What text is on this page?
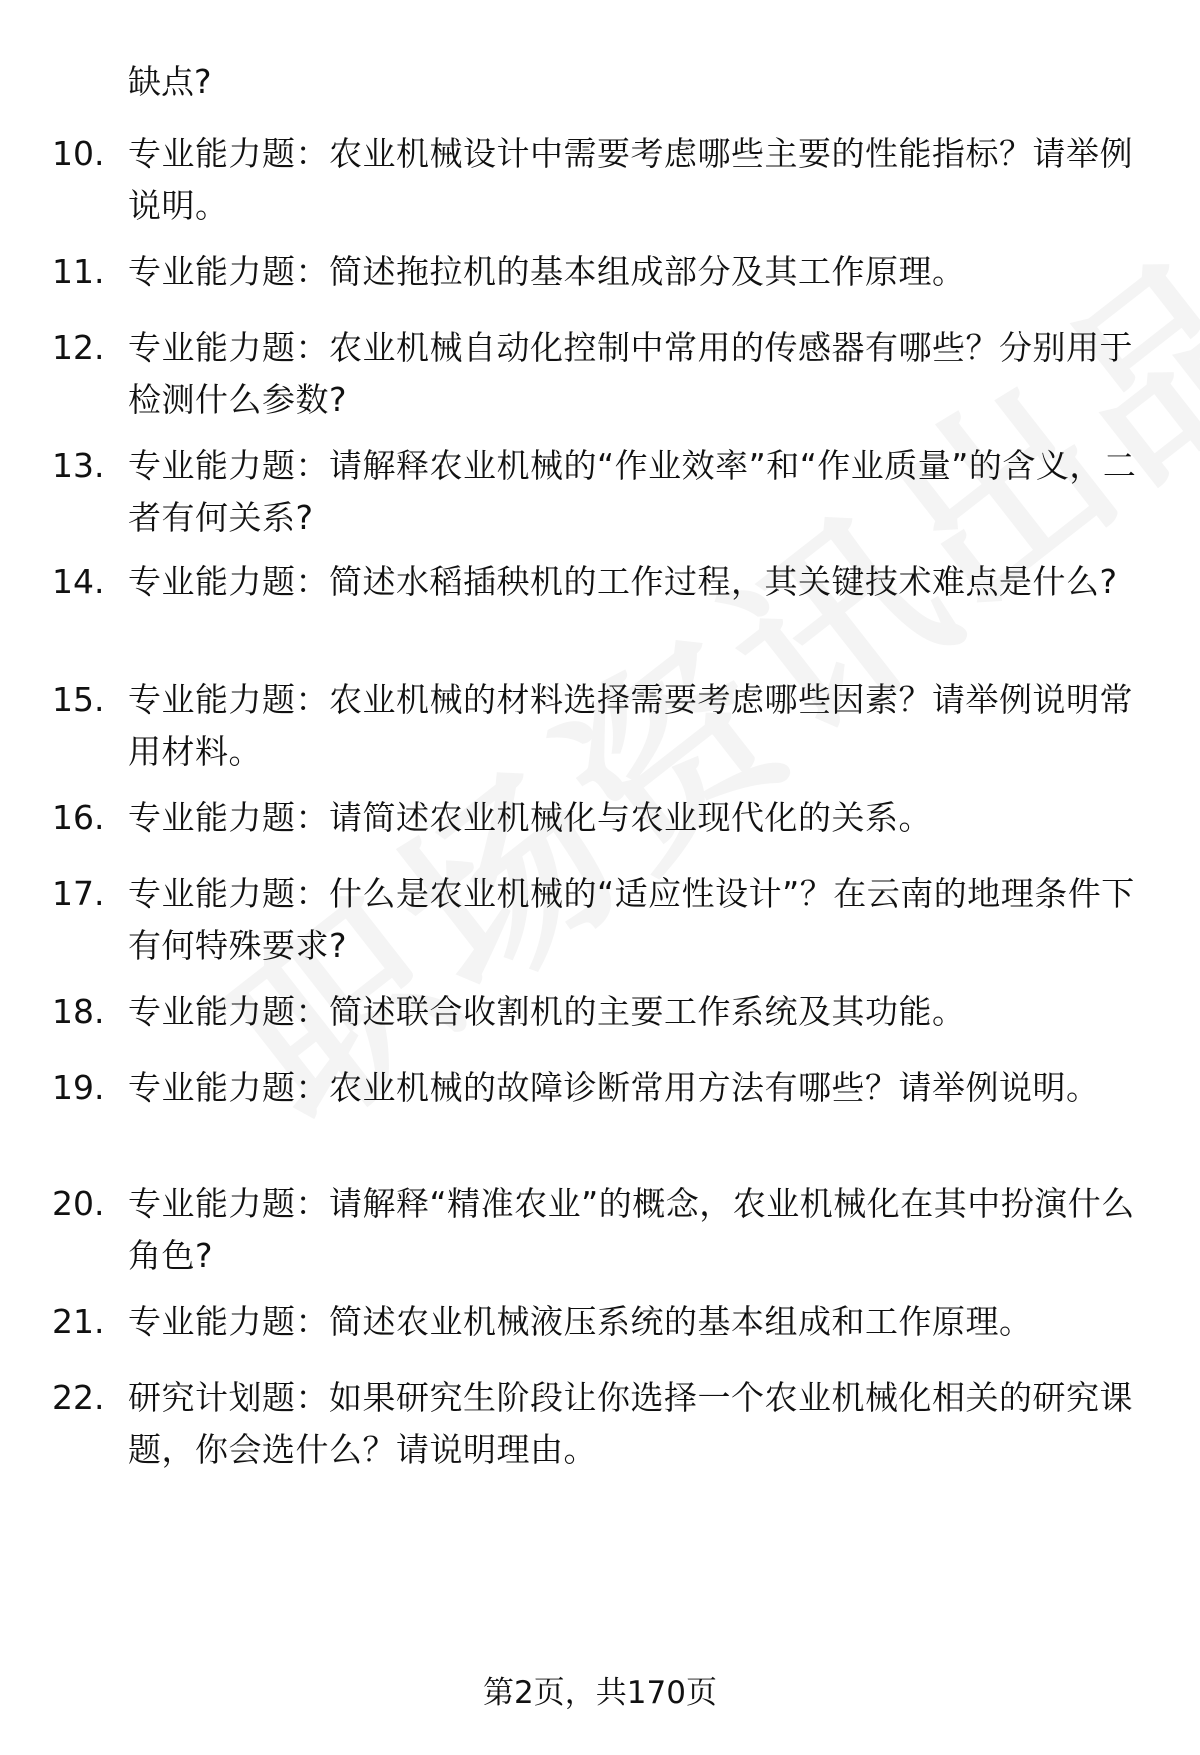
缺点?
10. 专业能力题：农业机械设计中需要考虑哪些主要的性能指标？请举例说明。
11. 专业能力题：简述拖拉机的基本组成部分及其工作原理。
12. 专业能力题：农业机械自动化控制中常用的传感器有哪些？分别用于检测什么参数?
13. 专业能力题：请解释农业机械的“作业效率”和“作业质量”的含义，二者有何关系?
14. 专业能力题：简述水稻插秧机的工作过程，其关键技术难点是什么?
15. 专业能力题：农业机械的材料选择需要考虑哪些因素？请举例说明常用材料。
16. 专业能力题：请简述农业机械化与农业现代化的关系。
17. 专业能力题：什么是农业机械的“适应性设计”？在云南的地理条件下有何特殊要求?
18. 专业能力题：简述联合收割机的主要工作系统及其功能。
19. 专业能力题：农业机械的故障诊断常用方法有哪些？请举例说明。
20. 专业能力题：请解释“精准农业”的概念，农业机械化在其中扮演什么角色?
21. 专业能力题：简述农业机械液压系统的基本组成和工作原理。
22. 研究计划题：如果研究生阶段让你选择一个农业机械化相关的研究课题，你会选什么？请说明理由。
第2页，共170页
